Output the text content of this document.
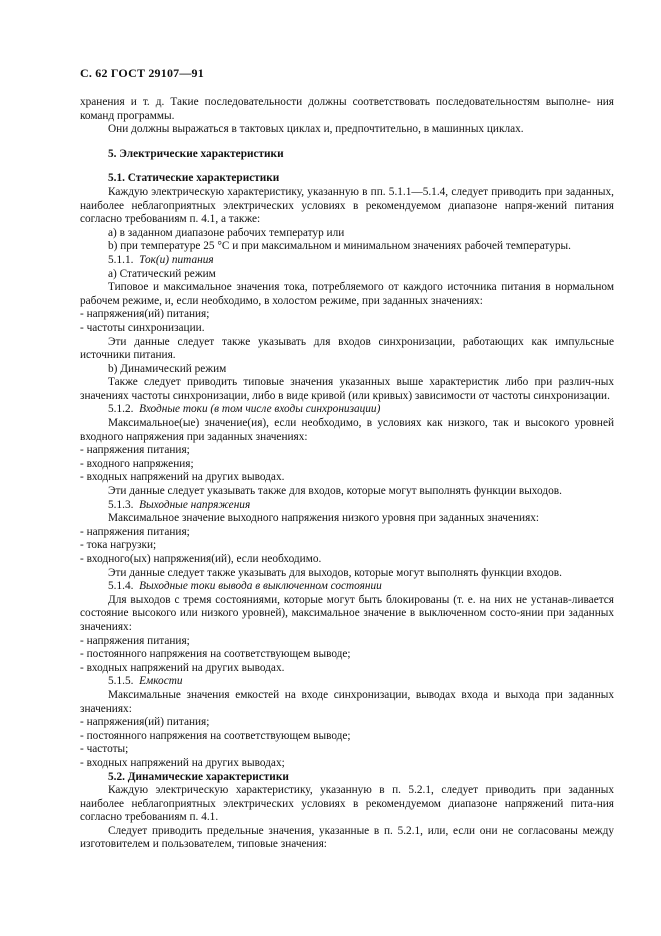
С. 62 ГОСТ 29107—91

хранения и т. д. Такие последовательности должны соответствовать последовательностям выполне- ния команд программы.

Они должны выражаться в тактовых циклах и, предпочтительно, в машинных циклах.

5. Электрические характеристики

5.1. Статические характеристики

Каждую электрическую характеристику, указанную в пп. 5.1.1—5.1.4, следует приводить при заданных, наиболее неблагоприятных электрических условиях в рекомендуемом диапазоне напря-жений питания согласно требованиям п. 4.1, а также:

а) в заданном диапазоне рабочих температур или

b) при температуре 25 °С и при максимальном и минимальном значениях рабочей температуры.

5.1.1. Ток(и) питания

а) Статический режим

Типовое и максимальное значения тока, потребляемого от каждого источника питания в нормальном рабочем режиме, и, если необходимо, в холостом режиме, при заданных значениях:

- напряжения(ий) питания;

- частоты синхронизации.

Эти данные следует также указывать для входов синхронизации, работающих как импульсные источники питания.

b) Динамический режим

Также следует приводить типовые значения указанных выше характеристик либо при различ-ных значениях частоты синхронизации, либо в виде кривой (или кривых) зависимости от частоты синхронизации.

5.1.2. Входные токи (в том числе входы синхронизации)

Максимальное(ые) значение(ия), если необходимо, в условиях как низкого, так и высокого уровней входного напряжения при заданных значениях:

- напряжения питания;

- входного напряжения;

- входных напряжений на других выводах.

Эти данные следует указывать также для входов, которые могут выполнять функции выходов.

5.1.3. Выходные напряжения

Максимальное значение выходного напряжения низкого уровня при заданных значениях:

- напряжения питания;

- тока нагрузки;

- входного(ых) напряжения(ий), если необходимо.

Эти данные следует также указывать для выходов, которые могут выполнять функции входов.

5.1.4. Выходные токи вывода в выключенном состоянии

Для выходов с тремя состояниями, которые могут быть блокированы (т. е. на них не устанав-ливается состояние высокого или низкого уровней), максимальное значение в выключенном состо-янии при заданных значениях:

- напряжения питания;

- постоянного напряжения на соответствующем выводе;

- входных напряжений на других выводах.

5.1.5. Емкости

Максимальные значения емкостей на входе синхронизации, выводах входа и выхода при заданных значениях:

- напряжения(ий) питания;

- постоянного напряжения на соответствующем выводе;

- частоты;

- входных напряжений на других выводах;

5.2. Динамические характеристики

Каждую электрическую характеристику, указанную в п. 5.2.1, следует приводить при заданных наиболее неблагоприятных электрических условиях в рекомендуемом диапазоне напряжений пита-ния согласно требованиям п. 4.1.

Следует приводить предельные значения, указанные в п. 5.2.1, или, если они не согласованы между изготовителем и пользователем, типовые значения:
